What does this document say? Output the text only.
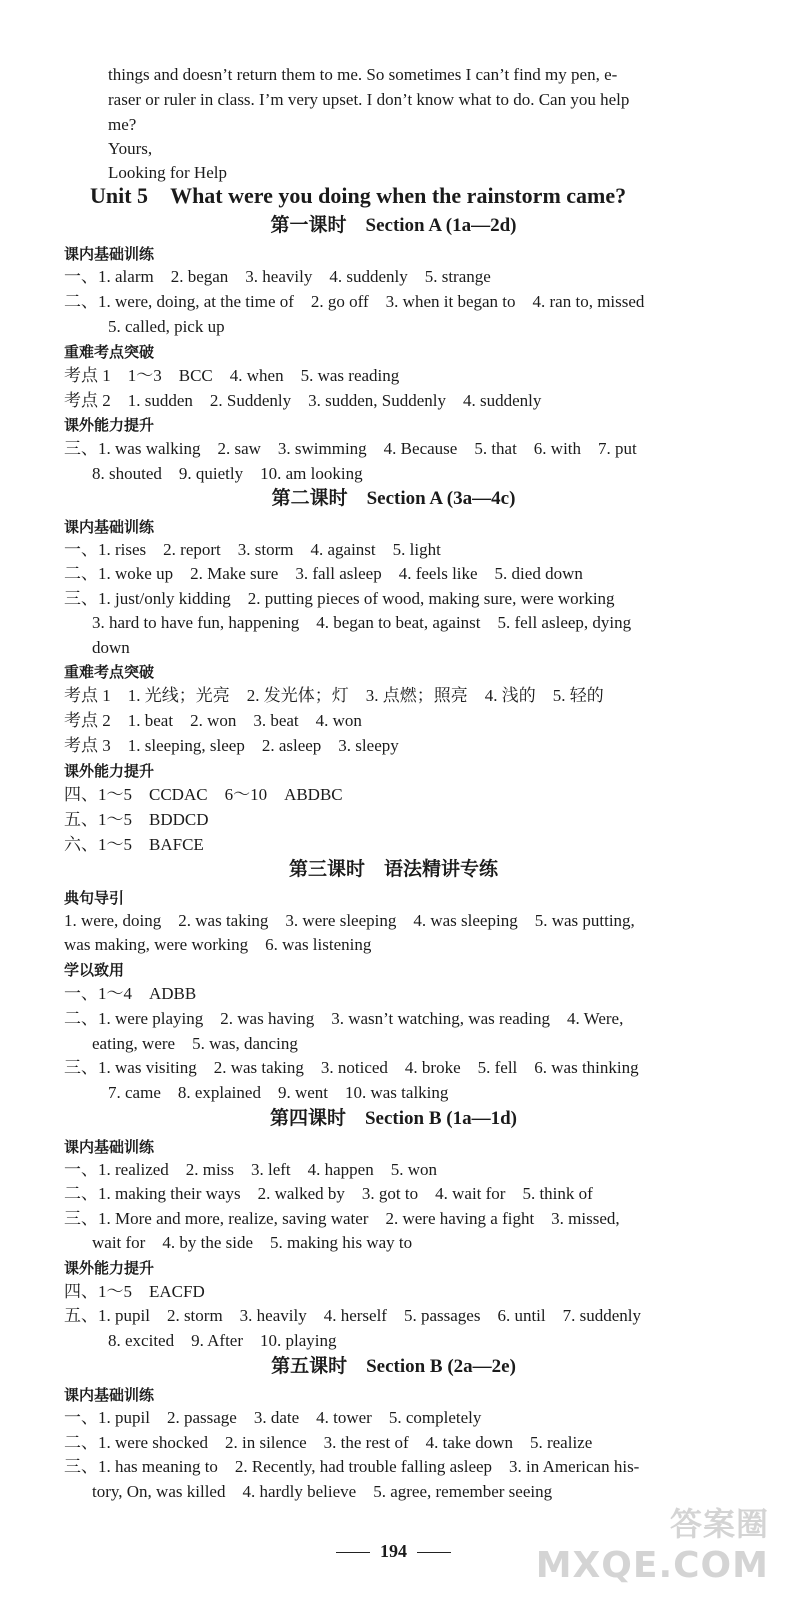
things and doesn’t return them to me. So sometimes I can’t find my pen, e-
raser or ruler in class. I’m very upset. I don’t know what to do. Can you help
me?
Yours,
Looking for Help
Unit 5 What were you doing when the rainstorm came?
第一课时　Section A (1a—2d)
课内基础训练
一、1. alarm　2. began　3. heavily　4. suddenly　5. strange
二、1. were, doing, at the time of　2. go off　3. when it began to　4. ran to, missed
5. called, pick up
重难考点突破
考点 1　1～3　BCC　4. when　5. was reading
考点 2　1. sudden　2. Suddenly　3. sudden, Suddenly　4. suddenly
课外能力提升
三、1. was walking　2. saw　3. swimming　4. Because　5. that　6. with　7. put
8. shouted　9. quietly　10. am looking
第二课时　Section A (3a—4c)
课内基础训练
一、1. rises　2. report　3. storm　4. against　5. light
二、1. woke up　2. Make sure　3. fall asleep　4. feels like　5. died down
三、1. just/only kidding　2. putting pieces of wood, making sure, were working
3. hard to have fun, happening　4. began to beat, against　5. fell asleep, dying
down
重难考点突破
考点 1　1. 光线；光亮　2. 发光体；灯　3. 点燃；照亮　4. 浅的　5. 轻的
考点 2　1. beat　2. won　3. beat　4. won
考点 3　1. sleeping, sleep　2. asleep　3. sleepy
课外能力提升
四、1～5　CCDAC　6～10　ABDBC
五、1～5　BDDCD
六、1～5　BAFCE
第三课时　语法精讲专练
典句导引
1. were, doing　2. was taking　3. were sleeping　4. was sleeping　5. was putting,
was making, were working　6. was listening
学以致用
一、1～4　ADBB
二、1. were playing　2. was having　3. wasn’t watching, was reading　4. Were,
eating, were　5. was, dancing
三、1. was visiting　2. was taking　3. noticed　4. broke　5. fell　6. was thinking
7. came　8. explained　9. went　10. was talking
第四课时　Section B (1a—1d)
课内基础训练
一、1. realized　2. miss　3. left　4. happen　5. won
二、1. making their ways　2. walked by　3. got to　4. wait for　5. think of
三、1. More and more, realize, saving water　2. were having a fight　3. missed,
wait for　4. by the side　5. making his way to
课外能力提升
四、1～5　EACFD
五、1. pupil　2. storm　3. heavily　4. herself　5. passages　6. until　7. suddenly
8. excited　9. After　10. playing
第五课时　Section B (2a—2e)
课内基础训练
一、1. pupil　2. passage　3. date　4. tower　5. completely
二、1. were shocked　2. in silence　3. the rest of　4. take down　5. realize
三、1. has meaning to　2. Recently, had trouble falling asleep　3. in American his-
tory, On, was killed　4. hardly believe　5. agree, remember seeing
194
答案圈
MXQE.COM
